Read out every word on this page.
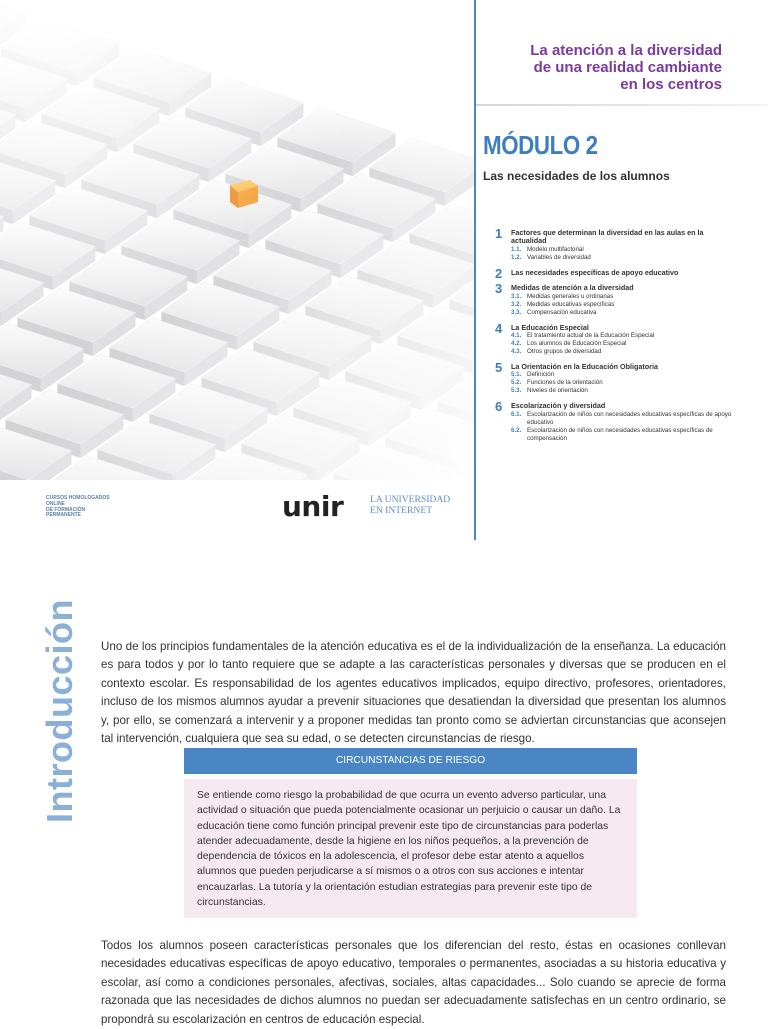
La atención a la diversidad
de una realidad cambiante
en los centros
MÓDULO 2
Las necesidades de los alumnos
1 Factores que determinan la diversidad en las aulas en la actualidad
1.1. Modelo multifactorial
1.2. Variables de diversidad
2 Las necesidades específicas de apoyo educativo
3 Medidas de atención a la diversidad
3.1. Medidas generales u ordinarias
3.2. Medidas educativas específicas
3.3. Compensación educativa
4 La Educación Especial
4.1. El tratamiento actual de la Educación Especial
4.2. Los alumnos de Educación Especial
4.3. Otros grupos de diversidad
5 La Orientación en la Educación Obligatoria
5.1. Definición
5.2. Funciones de la orientación
5.3. Niveles de orientación
6 Escolarización y diversidad
6.1. Escolarización de niños con necesidades educativas específicas de apoyo educativo
6.2. Escolarización de niños con necesidades educativas específicas de compensación
CURSOS HOMOLOGADOS
ONLINE
DE FORMACIÓN
PERMANENTE	unir	LA UNIVERSIDAD
EN INTERNET
Introducción Uno de los principios fundamentales de la atención educativa es el de la individualización de la enseñanza. La educación es para todos y por lo tanto requiere que se adapte a las características personales y diversas que se producen en el contexto escolar. Es responsabilidad de los agentes educativos implicados, equipo directivo, profesores, orientadores, incluso de los mismos alumnos ayudar a prevenir situaciones que desatiendan la diversidad que presentan los alumnos y, por ello, se comenzará a intervenir y a proponer medidas tan pronto como se adviertan circunstancias que aconsejen tal intervención, cualquiera que sea su edad, o se detecten circunstancias de riesgo.

CIRCUNSTANCIAS DE RIESGO
Se entiende como riesgo la probabilidad de que ocurra un evento adverso particular, una actividad o situación que pueda potencialmente ocasionar un perjuicio o causar un daño. La educación tiene como función principal prevenir este tipo de circunstancias para poderlas atender adecuadamente, desde la higiene en los niños pequeños, a la prevención de dependencia de tóxicos en la adolescencia, el profesor debe estar atento a aquellos alumnos que pueden perjudicarse a sí mismos o a otros con sus acciones e intentar encauzarlas. La tutoría y la orientación estudian estrategias para prevenir este tipo de circunstancias.

Todos los alumnos poseen características personales que los diferencian del resto, éstas en ocasiones conllevan necesidades educativas específicas de apoyo educativo, temporales o permanentes, asociadas a su historia educativa y escolar, así como a condiciones personales, afectivas, sociales, altas capacidades... Solo cuando se aprecie de forma razonada que las necesidades de dichos alumnos no puedan ser adecuadamente satisfechas en un centro ordinario, se propondrá su escolarización en centros de educación especial.
